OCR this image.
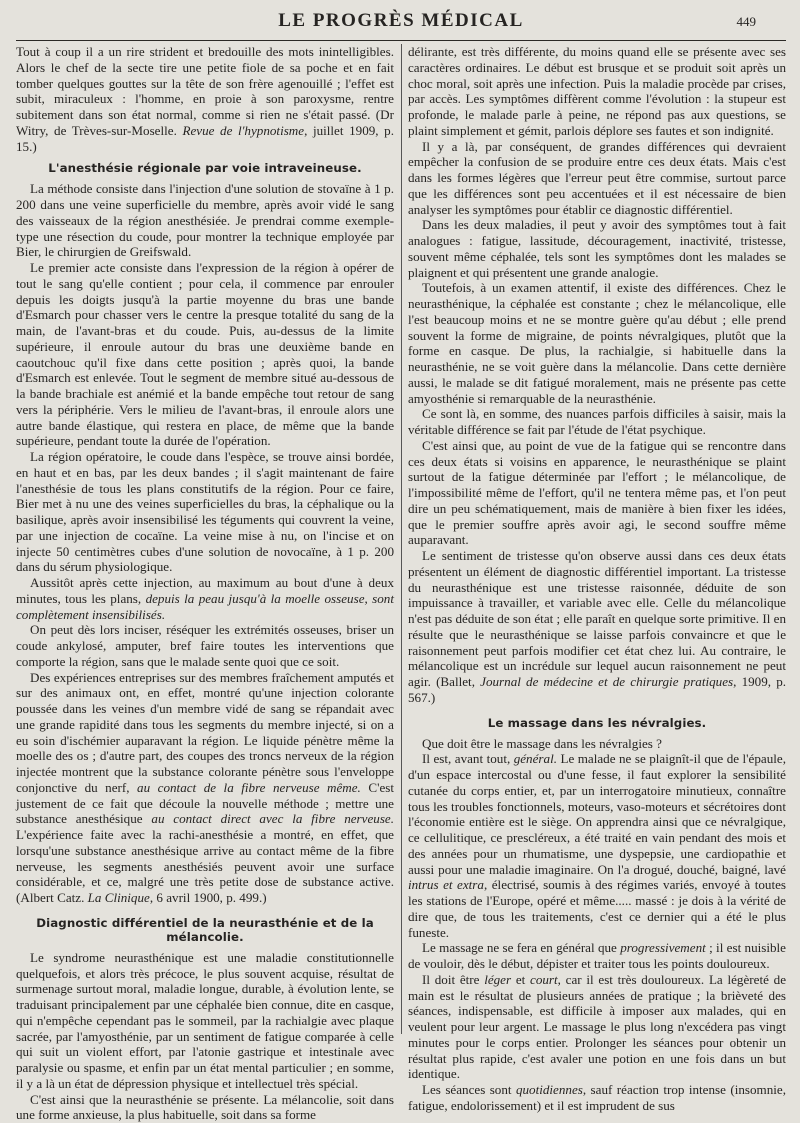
LE PROGRÈS MÉDICAL	449

Tout à coup il a un rire strident et bredouille des mots inintelligibles. Alors le chef de la secte tire une petite fiole de sa poche et en fait tomber quelques gouttes sur la tête de son frère agenouillé ; l'effet est subit, miraculeux : l'homme, en proie à son paroxysme, rentre subitement dans son état normal, comme si rien ne s'était passé. (Dr Witry, de Trèves-sur-Moselle. Revue de l'hypnotisme, juillet 1909, p. 15.)

L'anesthésie régionale par voie intraveineuse.

La méthode consiste dans l'injection d'une solution de stovaïne à 1 p. 200 dans une veine superficielle du membre, après avoir vidé le sang des vaisseaux de la région anesthésiée. Je prendrai comme exemple-type une résection du coude, pour montrer la technique employée par Bier, le chirurgien de Greifswald.

Le premier acte consiste dans l'expression de la région à opérer de tout le sang qu'elle contient ; pour cela, il commence par enrouler depuis les doigts jusqu'à la partie moyenne du bras une bande d'Esmarch pour chasser vers le centre la presque totalité du sang de la main, de l'avant-bras et du coude. Puis, au-dessus de la limite supérieure, il enroule autour du bras une deuxième bande en caoutchouc qu'il fixe dans cette position ; après quoi, la bande d'Esmarch est enlevée. Tout le segment de membre situé au-dessous de la bande brachiale est anémié et la bande empêche tout retour de sang vers la périphérie. Vers le milieu de l'avant-bras, il enroule alors une autre bande élastique, qui restera en place, de même que la bande supérieure, pendant toute la durée de l'opération.

La région opératoire, le coude dans l'espèce, se trouve ainsi bordée, en haut et en bas, par les deux bandes ; il s'agit maintenant de faire l'anesthésie de tous les plans constitutifs de la région. Pour ce faire, Bier met à nu une des veines superficielles du bras, la céphalique ou la basilique, après avoir insensibilisé les téguments qui couvrent la veine, par une injection de cocaïne. La veine mise à nu, on l'incise et on injecte 50 centimètres cubes d'une solution de novocaïne, à 1 p. 200 dans du sérum physiologique.

Aussitôt après cette injection, au maximum au bout d'une à deux minutes, tous les plans, depuis la peau jusqu'à la moelle osseuse, sont complètement insensibilisés.

On peut dès lors inciser, réséquer les extrémités osseuses, briser un coude ankylosé, amputer, bref faire toutes les interventions que comporte la région, sans que le malade sente quoi que ce soit.

Des expériences entreprises sur des membres fraîchement amputés et sur des animaux ont, en effet, montré qu'une injection colorante poussée dans les veines d'un membre vidé de sang se répandait avec une grande rapidité dans tous les segments du membre injecté, si on a eu soin d'ischémier auparavant la région. Le liquide pénètre même la moelle des os ; d'autre part, des coupes des troncs nerveux de la région injectée montrent que la substance colorante pénètre sous l'enveloppe conjonctive du nerf, au contact de la fibre nerveuse même. C'est justement de ce fait que découle la nouvelle méthode ; mettre une substance anesthésique au contact direct avec la fibre nerveuse. L'expérience faite avec la rachi-anesthésie a montré, en effet, que lorsqu'une substance anesthésique arrive au contact même de la fibre nerveuse, les segments anesthésiés peuvent avoir une surface considérable, et ce, malgré une très petite dose de substance active. (Albert Catz. La Clinique, 6 avril 1900, p. 499.)

Diagnostic différentiel de la neurasthénie et de la mélancolie.

Le syndrome neurasthénique est une maladie constitutionnelle quelquefois, et alors très précoce, le plus souvent acquise, résultat de surmenage surtout moral, maladie longue, durable, à évolution lente, se traduisant principalement par une céphalée bien connue, dite en casque, qui n'empêche cependant pas le sommeil, par la rachialgie avec plaque sacrée, par l'amyosthénie, par un sentiment de fatigue comparée à celle qui suit un violent effort, par l'atonie gastrique et intestinale avec paralysie ou spasme, et enfin par un état mental particulier ; en somme, il y a là un état de dépression physique et intellectuel très spécial.

C'est ainsi que la neurasthénie se présente. La mélancolie, soit dans une forme anxieuse, la plus habituelle, soit dans sa forme

délirante, est très différente, du moins quand elle se présente avec ses caractères ordinaires. Le début est brusque et se produit soit après un choc moral, soit après une infection. Puis la maladie procède par crises, par accès. Les symptômes diffèrent comme l'évolution : la stupeur est profonde, le malade parle à peine, ne répond pas aux questions, se plaint simplement et gémit, parlois déplore ses fautes et son indignité.

Il y a là, par conséquent, de grandes différences qui devraient empêcher la confusion de se produire entre ces deux états. Mais c'est dans les formes légères que l'erreur peut être commise, surtout parce que les différences sont peu accentuées et il est nécessaire de bien analyser les symptômes pour établir ce diagnostic différentiel.

Dans les deux maladies, il peut y avoir des symptômes tout à fait analogues : fatigue, lassitude, découragement, inactivité, tristesse, souvent même céphalée, tels sont les symptômes dont les malades se plaignent et qui présentent une grande analogie.

Toutefois, à un examen attentif, il existe des différences. Chez le neurasthénique, la céphalée est constante ; chez le mélancolique, elle l'est beaucoup moins et ne se montre guère qu'au début ; elle prend souvent la forme de migraine, de points névralgiques, plutôt que la forme en casque. De plus, la rachialgie, si habituelle dans la neurasthénie, ne se voit guère dans la mélancolie. Dans cette dernière aussi, le malade se dit fatigué moralement, mais ne présente pas cette amyosthénie si remarquable de la neurasthénie.

Ce sont là, en somme, des nuances parfois difficiles à saisir, mais la véritable différence se fait par l'étude de l'état psychique.

C'est ainsi que, au point de vue de la fatigue qui se rencontre dans ces deux états si voisins en apparence, le neurasthénique se plaint surtout de la fatigue déterminée par l'effort ; le mélancolique, de l'impossibilité même de l'effort, qu'il ne tentera même pas, et l'on peut dire un peu schématiquement, mais de manière à bien fixer les idées, que le premier souffre après avoir agi, le second souffre même auparavant.

Le sentiment de tristesse qu'on observe aussi dans ces deux états présentent un élément de diagnostic différentiel important. La tristesse du neurasthénique est une tristesse raisonnée, déduite de son impuissance à travailler, et variable avec elle. Celle du mélancolique n'est pas déduite de son état ; elle paraît en quelque sorte primitive. Il en résulte que le neurasthénique se laisse parfois convaincre et que le raisonnement peut parfois modifier cet état chez lui. Au contraire, le mélancolique est un incrédule sur lequel aucun raisonnement ne peut agir. (Ballet, Journal de médecine et de chirurgie pratiques, 1909, p. 567.)

Le massage dans les névralgies.

Que doit être le massage dans les névralgies ?

Il est, avant tout, général. Le malade ne se plaignît-il que de l'épaule, d'un espace intercostal ou d'une fesse, il faut explorer la sensibilité cutanée du corps entier, et, par un interrogatoire minutieux, connaître tous les troubles fonctionnels, moteurs, vaso-moteurs et sécrétoires dont l'économie entière est le siège. On apprendra ainsi que ce névralgique, ce cellulitique, ce prescléreux, a été traité en vain pendant des mois et des années pour un rhumatisme, une dyspepsie, une cardiopathie et aussi pour une maladie imaginaire. On l'a drogué, douché, baigné, lavé intrus et extra, électrisé, soumis à des régimes variés, envoyé à toutes les stations de l'Europe, opéré et même..... massé : je dois à la vérité de dire que, de tous les traitements, c'est ce dernier qui a été le plus funeste.

Le massage ne se fera en général que progressivement ; il est nuisible de vouloir, dès le début, dépister et traiter tous les points douloureux.

Il doit être léger et court, car il est très douloureux. La légèreté de main est le résultat de plusieurs années de pratique ; la brièveté des séances, indispensable, est difficile à imposer aux malades, qui en veulent pour leur argent. Le massage le plus long n'excédera pas vingt minutes pour le corps entier. Prolonger les séances pour obtenir un résultat plus rapide, c'est avaler une potion en une fois dans un but identique.

Les séances sont quotidiennes, sauf réaction trop intense (insomnie, fatigue, endolorissement) et il est imprudent de sus
